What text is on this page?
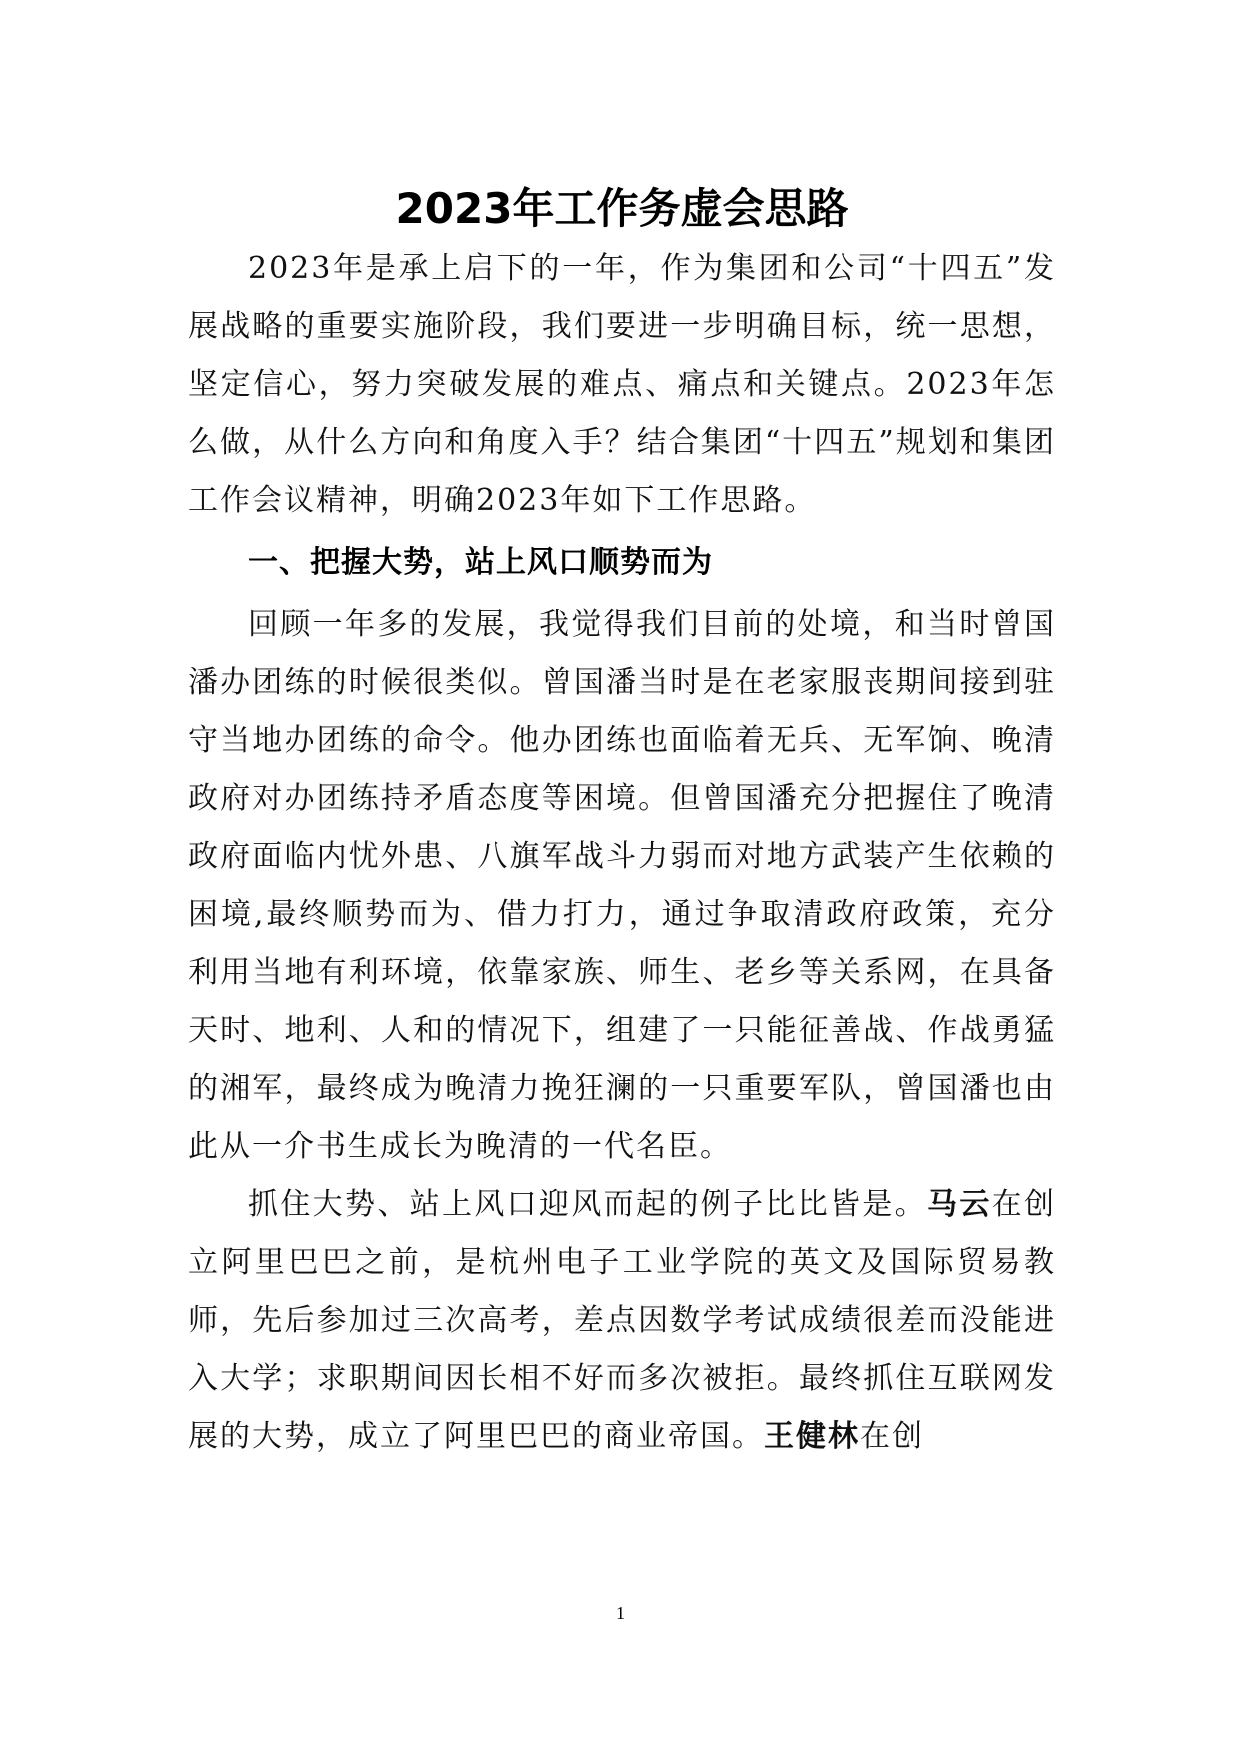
2023年工作务虚会思路

2023年是承上启下的一年，作为集团和公司“十四五”发展战略的重要实施阶段，我们要进一步明确目标，统一思想，坚定信心，努力突破发展的难点、痛点和关键点。2023年怎么做，从什么方向和角度入手？结合集团“十四五”规划和集团工作会议精神，明确2023年如下工作思路。

一、把握大势，站上风口顺势而为

回顾一年多的发展，我觉得我们目前的处境，和当时曾国潘办团练的时候很类似。曾国潘当时是在老家服丧期间接到驻守当地办团练的命令。他办团练也面临着无兵、无军饷、晚清政府对办团练持矛盾态度等困境。但曾国潘充分把握住了晚清政府面临内忧外患、八旗军战斗力弱而对地方武装产生依赖的困境,最终顺势而为、借力打力，通过争取清政府政策，充分利用当地有利环境，依靠家族、师生、老乡等关系网，在具备天时、地利、人和的情况下，组建了一只能征善战、作战勇猛的湘军，最终成为晚清力挽狂澜的一只重要军队，曾国潘也由此从一介书生成长为晚清的一代名臣。

抓住大势、站上风口迎风而起的例子比比皆是。马云在创立阿里巴巴之前，是杭州电子工业学院的英文及国际贸易教师，先后参加过三次高考，差点因数学考试成绩很差而没能进入大学；求职期间因长相不好而多次被拒。最终抓住互联网发展的大势，成立了阿里巴巴的商业帝国。王健林在创

1
